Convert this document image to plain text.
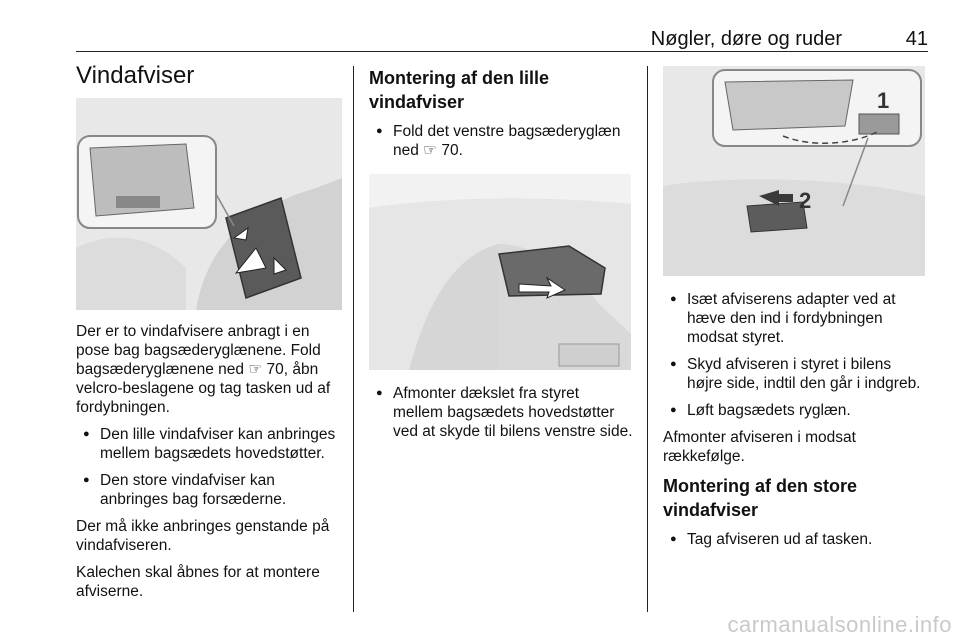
Nøgler, døre og ruder	41
Vindafviser

Der er to vindafvisere anbragt i en pose bag bagsæderyglænene. Fold bagsæderyglænene ned ☞ 70, åbn velcro-beslagene og tag tasken ud af fordybningen.

● Den lille vindafviser kan anbringes mellem bagsædets hovedstøtter.
● Den store vindafviser kan anbringes bag forsæderne.

Der må ikke anbringes genstande på vindafviseren.

Kalechen skal åbnes for at montere afviserne.

Montering af den lille vindafviser
● Fold det venstre bagsæderyglæn ned ☞ 70.
● Afmonter dækslet fra styret mellem bagsædets hovedstøtter ved at skyde til bilens venstre side.
1
2
● Isæt afviserens adapter ved at hæve den ind i fordybningen modsat styret.
● Skyd afviseren i styret i bilens højre side, indtil den går i indgreb.
● Løft bagsædets ryglæn.

Afmonter afviseren i modsat rækkefølge.

Montering af den store vindafviser
● Tag afviseren ud af tasken.
carmanualsonline.info
